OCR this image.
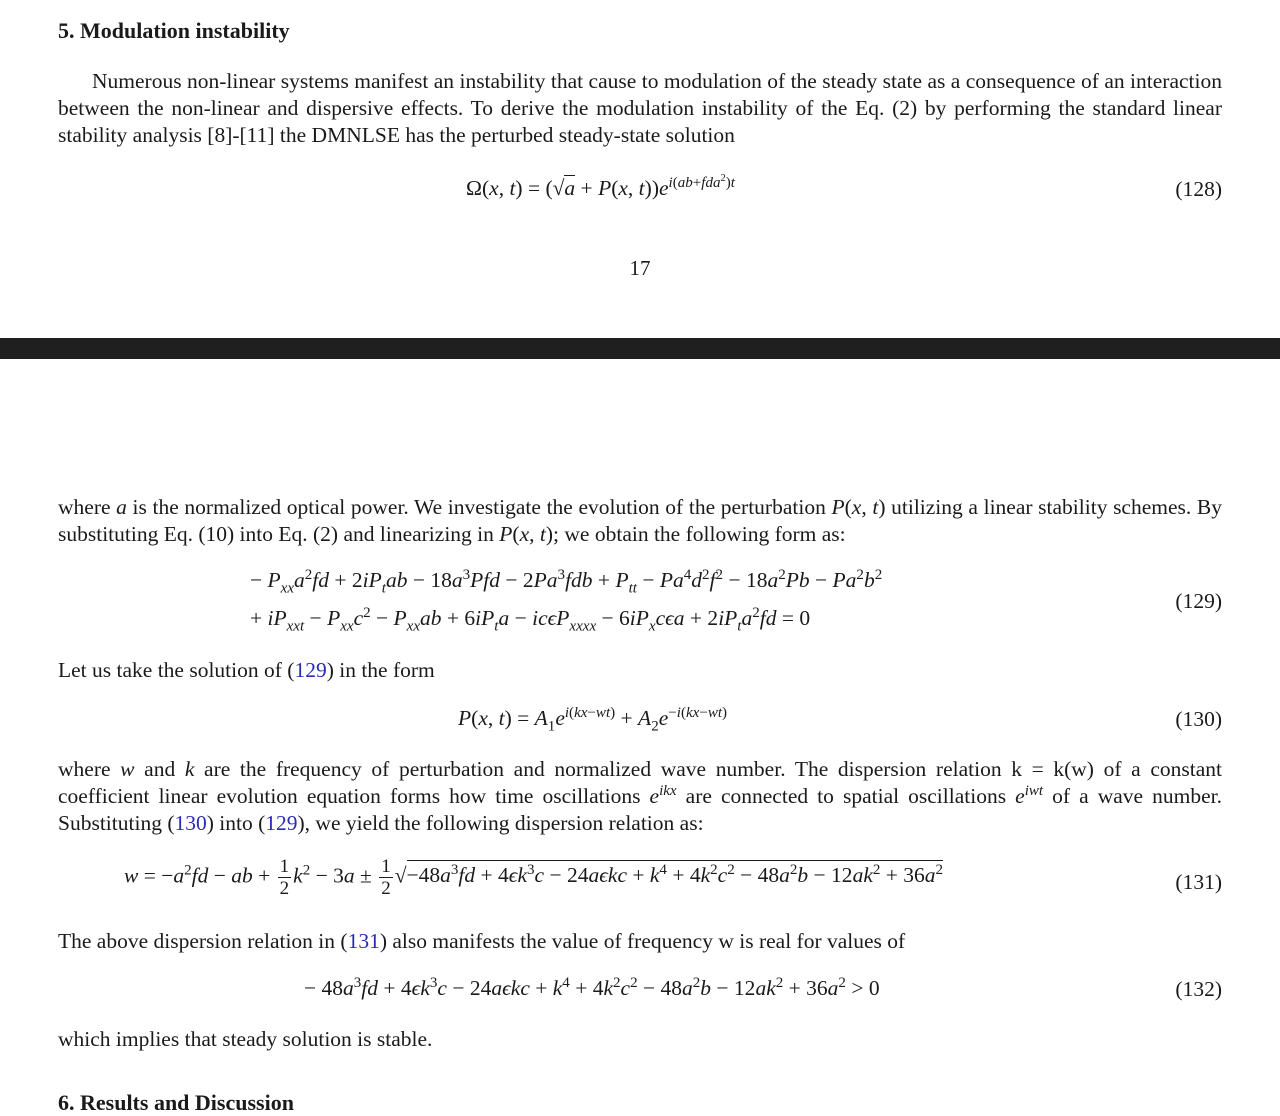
5. Modulation instability
Numerous non-linear systems manifest an instability that cause to modulation of the steady state as a consequence of an interaction between the non-linear and dispersive effects. To derive the modulation instability of the Eq. (2) by performing the standard linear stability analysis [8]-[11] the DMNLSE has the perturbed steady-state solution
Ω(x, t) = (√a + P(x, $t))e^{i(ab+fda^2)t}$	(128)
17
where a is the normalized optical power. We investigate the evolution of the perturbation P(x, t) utilizing a linear stability schemes. By substituting Eq. (10) into Eq. (2) and linearizing in P(x, t); we obtain the following form as:
− $P_{xx}a^2fd + 2iP_tab - 18a^3Pfd - 2Pa^3fdb + P_{tt} - Pa^4d^2f^2 - 18a^2Pb - Pa^2b^2$
+ $iP_{xxt} - P_{xx}c^2 - P_{xx}ab + 6iP_ta - ic\epsilon P_{xxxx} - 6iP_xc\epsilon a + 2iP_ta^2fd = 0$
(129)
Let us take the solution of (129) in the form
P(x, $t) = A_1e^{i(kx-wt)} + A_2e^{-i(kx-wt)}$	(130)
where w and k are the frequency of perturbation and normalized wave number. The dispersion relation k = k(w) of a constant coefficient linear evolution equation forms how time oscillations $e^{ikx}$ are connected to spatial oscillations $e^{iwt}$ of a wave number. Substituting (130) into (129), we yield the following dispersion relation as:
$w = -a^2fd$ − ab + $\frac{1}{2} k^2 - 3a \pm \frac{1}{2} √-48a^3fd + 4\epsilon k^3c - 24a\epsilon kc + k^4 + 4k^2c^2 - 48a^2b - 12ak^2 + 36a^2$	(131)
The above dispersion relation in (131) also manifests the value of frequency w is real for values of
− $48a^3fd + 4\epsilon k^3c - 24a\epsilon kc + k^4 + 4k^2c^2 - 48a^2b - 12ak^2 + 36a^2 > 0$	(132)
which implies that steady solution is stable.
6. Results and Discussion
